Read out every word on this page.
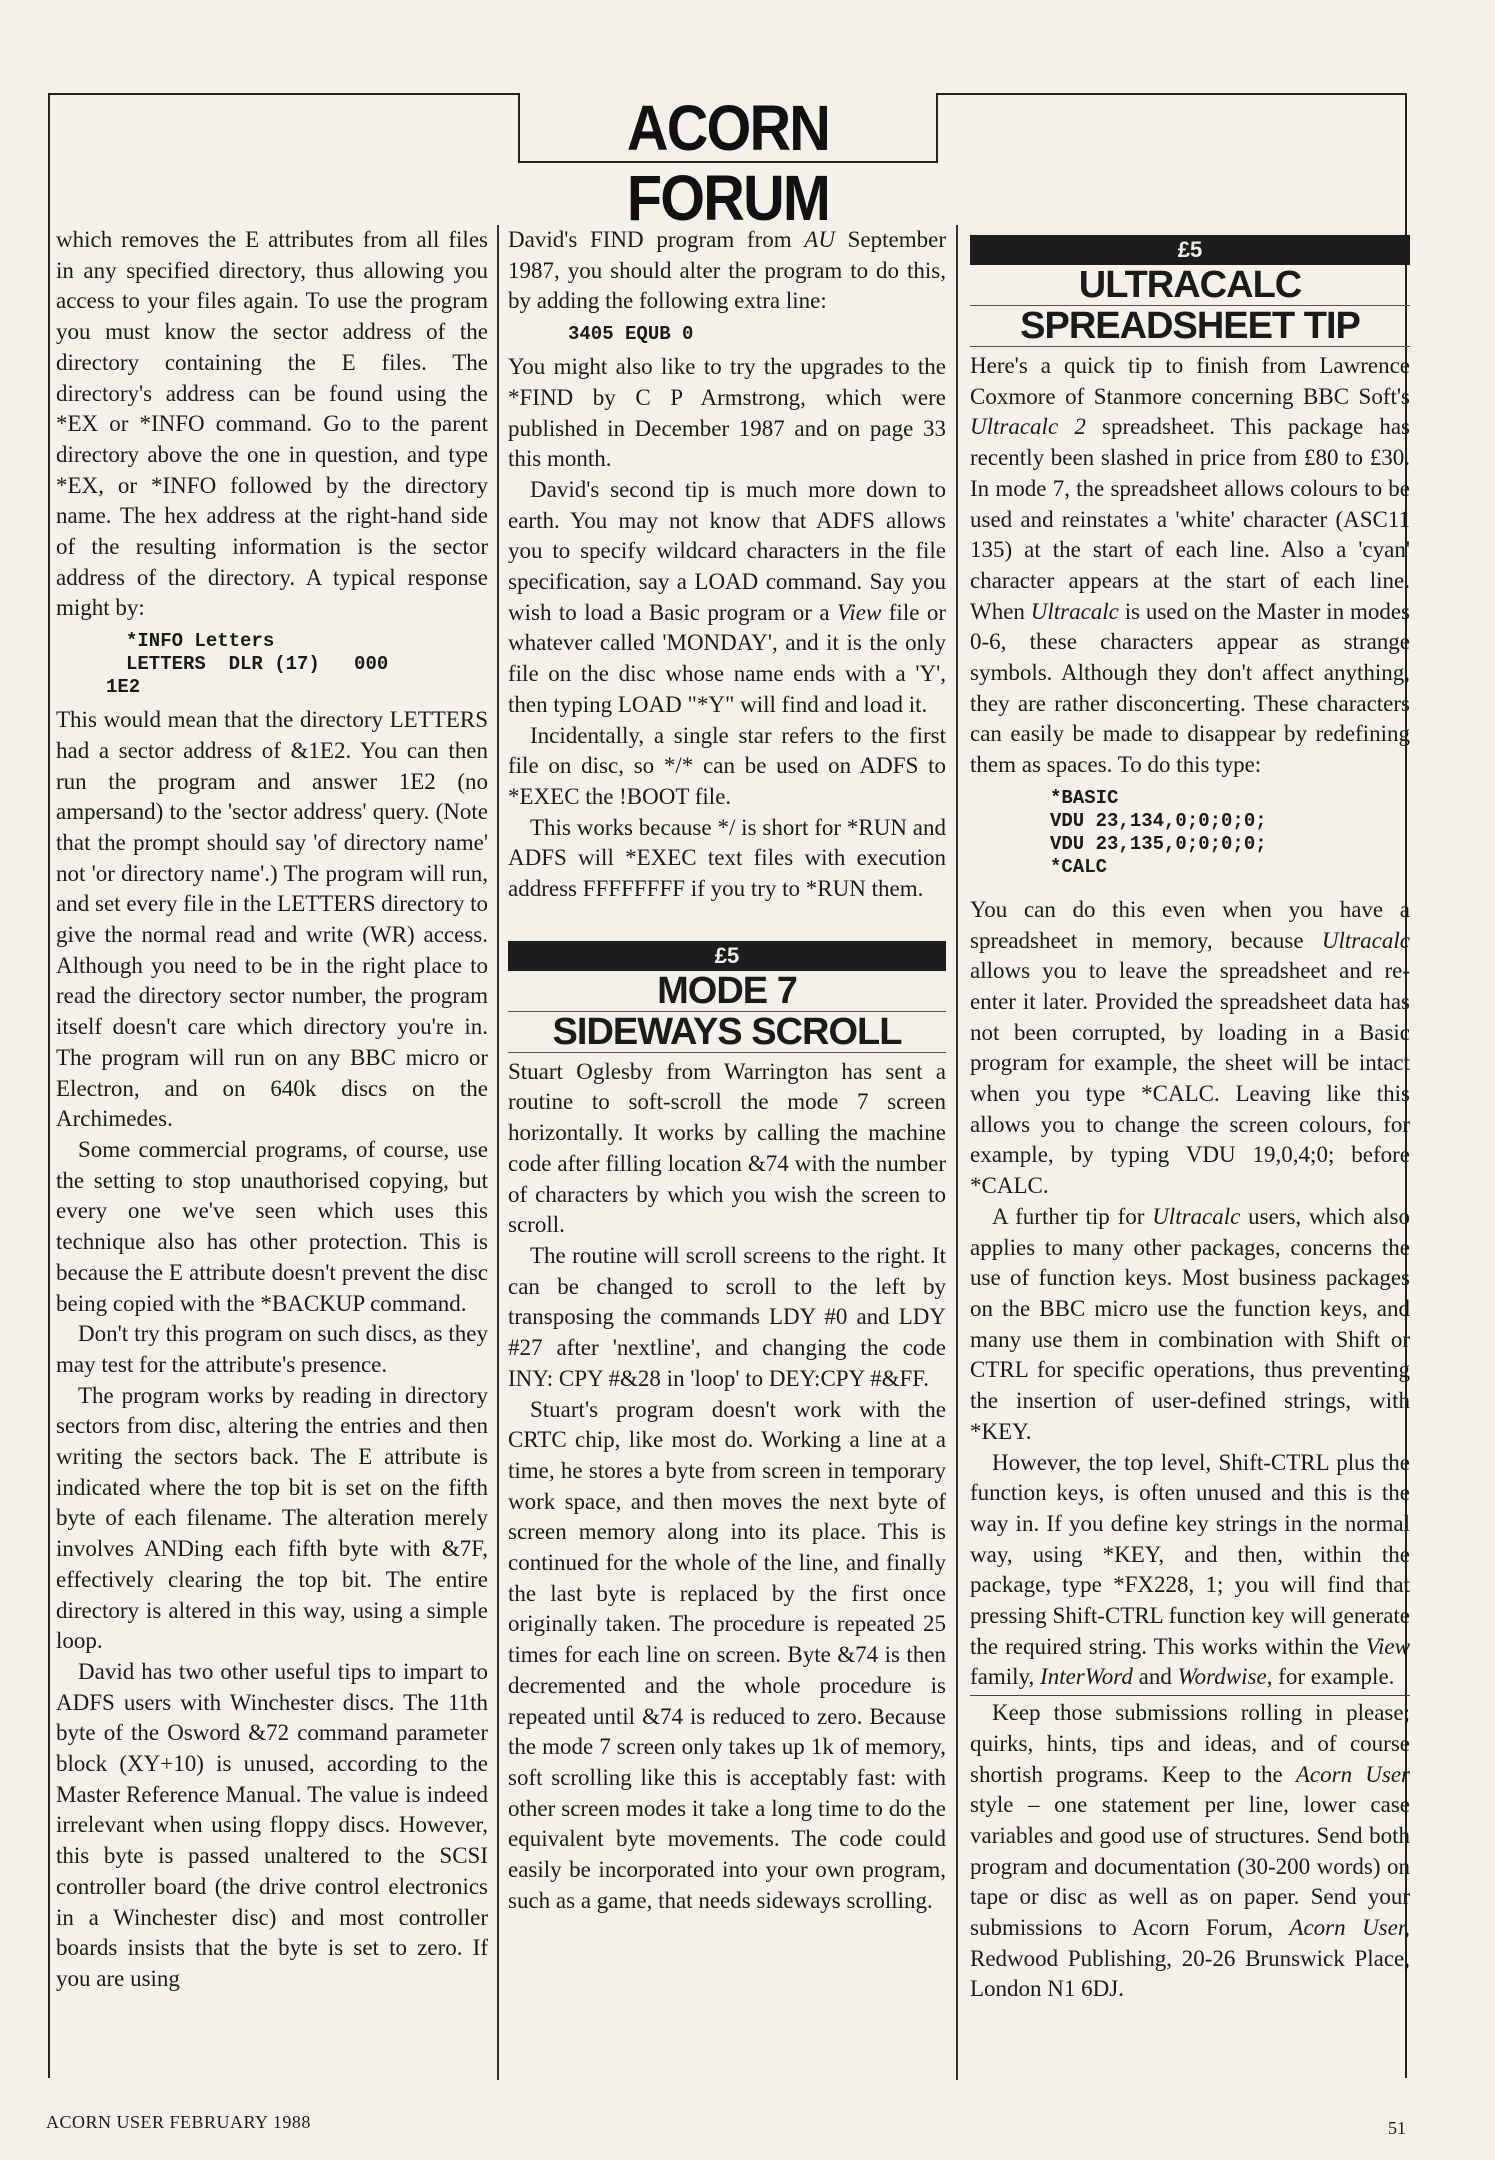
ACORN FORUM

which removes the E attributes from all files in any specified directory, thus allowing you access to your files again. To use the program you must know the sector address of the directory containing the E files. The directory's address can be found using the *EX or *INFO command. Go to the parent directory above the one in question, and type *EX, or *INFO followed by the directory name. The hex address at the right-hand side of the resulting information is the sector address of the directory. A typical response might by:

*INFO Letters
LETTERS  DLR (17)   000
1E2

This would mean that the directory LETTERS had a sector address of &1E2. You can then run the program and answer 1E2 (no ampersand) to the 'sector address' query. (Note that the prompt should say 'of directory name' not 'or directory name'.) The program will run, and set every file in the LETTERS directory to give the normal read and write (WR) access. Although you need to be in the right place to read the directory sector number, the program itself doesn't care which directory you're in. The program will run on any BBC micro or Electron, and on 640k discs on the Archimedes.

Some commercial programs, of course, use the setting to stop unauthorised copying, but every one we've seen which uses this technique also has other protection. This is because the E attribute doesn't prevent the disc being copied with the *BACKUP command.

Don't try this program on such discs, as they may test for the attribute's presence.

The program works by reading in directory sectors from disc, altering the entries and then writing the sectors back. The E attribute is indicated where the top bit is set on the fifth byte of each filename. The alteration merely involves ANDing each fifth byte with &7F, effectively clearing the top bit. The entire directory is altered in this way, using a simple loop.

David has two other useful tips to impart to ADFS users with Winchester discs. The 11th byte of the Osword &72 command parameter block (XY+10) is unused, according to the Master Reference Manual. The value is indeed irrelevant when using floppy discs. However, this byte is passed unaltered to the SCSI controller board (the drive control electronics in a Winchester disc) and most controller boards insists that the byte is set to zero. If you are using

David's FIND program from AU September 1987, you should alter the program to do this, by adding the following extra line:

3405 EQUB 0

You might also like to try the upgrades to the *FIND by C P Armstrong, which were published in December 1987 and on page 33 this month.

David's second tip is much more down to earth. You may not know that ADFS allows you to specify wildcard characters in the file specification, say a LOAD command. Say you wish to load a Basic program or a View file or whatever called 'MONDAY', and it is the only file on the disc whose name ends with a 'Y', then typing LOAD "*Y" will find and load it.

Incidentally, a single star refers to the first file on disc, so */* can be used on ADFS to *EXEC the !BOOT file.

This works because */ is short for *RUN and ADFS will *EXEC text files with execution address FFFFFFFF if you try to *RUN them.

£5
MODE 7
SIDEWAYS SCROLL

Stuart Oglesby from Warrington has sent a routine to soft-scroll the mode 7 screen horizontally. It works by calling the machine code after filling location &74 with the number of characters by which you wish the screen to scroll.

The routine will scroll screens to the right. It can be changed to scroll to the left by transposing the commands LDY #0 and LDY #27 after 'nextline', and changing the code INY: CPY #&28 in 'loop' to DEY:CPY #&FF.

Stuart's program doesn't work with the CRTC chip, like most do. Working a line at a time, he stores a byte from screen in temporary work space, and then moves the next byte of screen memory along into its place. This is continued for the whole of the line, and finally the last byte is replaced by the first once originally taken. The procedure is repeated 25 times for each line on screen. Byte &74 is then decremented and the whole procedure is repeated until &74 is reduced to zero. Because the mode 7 screen only takes up 1k of memory, soft scrolling like this is acceptably fast: with other screen modes it take a long time to do the equivalent byte movements. The code could easily be incorporated into your own program, such as a game, that needs sideways scrolling.

£5
ULTRACALC
SPREADSHEET TIP

Here's a quick tip to finish from Lawrence Coxmore of Stanmore concerning BBC Soft's Ultracalc 2 spreadsheet. This package has recently been slashed in price from £80 to £30. In mode 7, the spreadsheet allows colours to be used and reinstates a 'white' character (ASC11 135) at the start of each line. Also a 'cyan' character appears at the start of each line. When Ultracalc is used on the Master in modes 0-6, these characters appear as strange symbols. Although they don't affect anything, they are rather disconcerting. These characters can easily be made to disappear by redefining them as spaces. To do this type:

*BASIC
VDU 23,134,0;0;0;0;
VDU 23,135,0;0;0;0;
*CALC

You can do this even when you have a spreadsheet in memory, because Ultracalc allows you to leave the spreadsheet and re-enter it later. Provided the spreadsheet data has not been corrupted, by loading in a Basic program for example, the sheet will be intact when you type *CALC. Leaving like this allows you to change the screen colours, for example, by typing VDU 19,0,4;0; before *CALC.

A further tip for Ultracalc users, which also applies to many other packages, concerns the use of function keys. Most business packages on the BBC micro use the function keys, and many use them in combination with Shift or CTRL for specific operations, thus preventing the insertion of user-defined strings, with *KEY.

However, the top level, Shift-CTRL plus the function keys, is often unused and this is the way in. If you define key strings in the normal way, using *KEY, and then, within the package, type *FX228, 1; you will find that pressing Shift-CTRL function key will generate the required string. This works within the View family, InterWord and Wordwise, for example.

Keep those submissions rolling in please; quirks, hints, tips and ideas, and of course shortish programs. Keep to the Acorn User style – one statement per line, lower case variables and good use of structures. Send both program and documentation (30-200 words) on tape or disc as well as on paper. Send your submissions to Acorn Forum, Acorn User, Redwood Publishing, 20-26 Brunswick Place, London N1 6DJ.

ACORN USER FEBRUARY 1988	51
